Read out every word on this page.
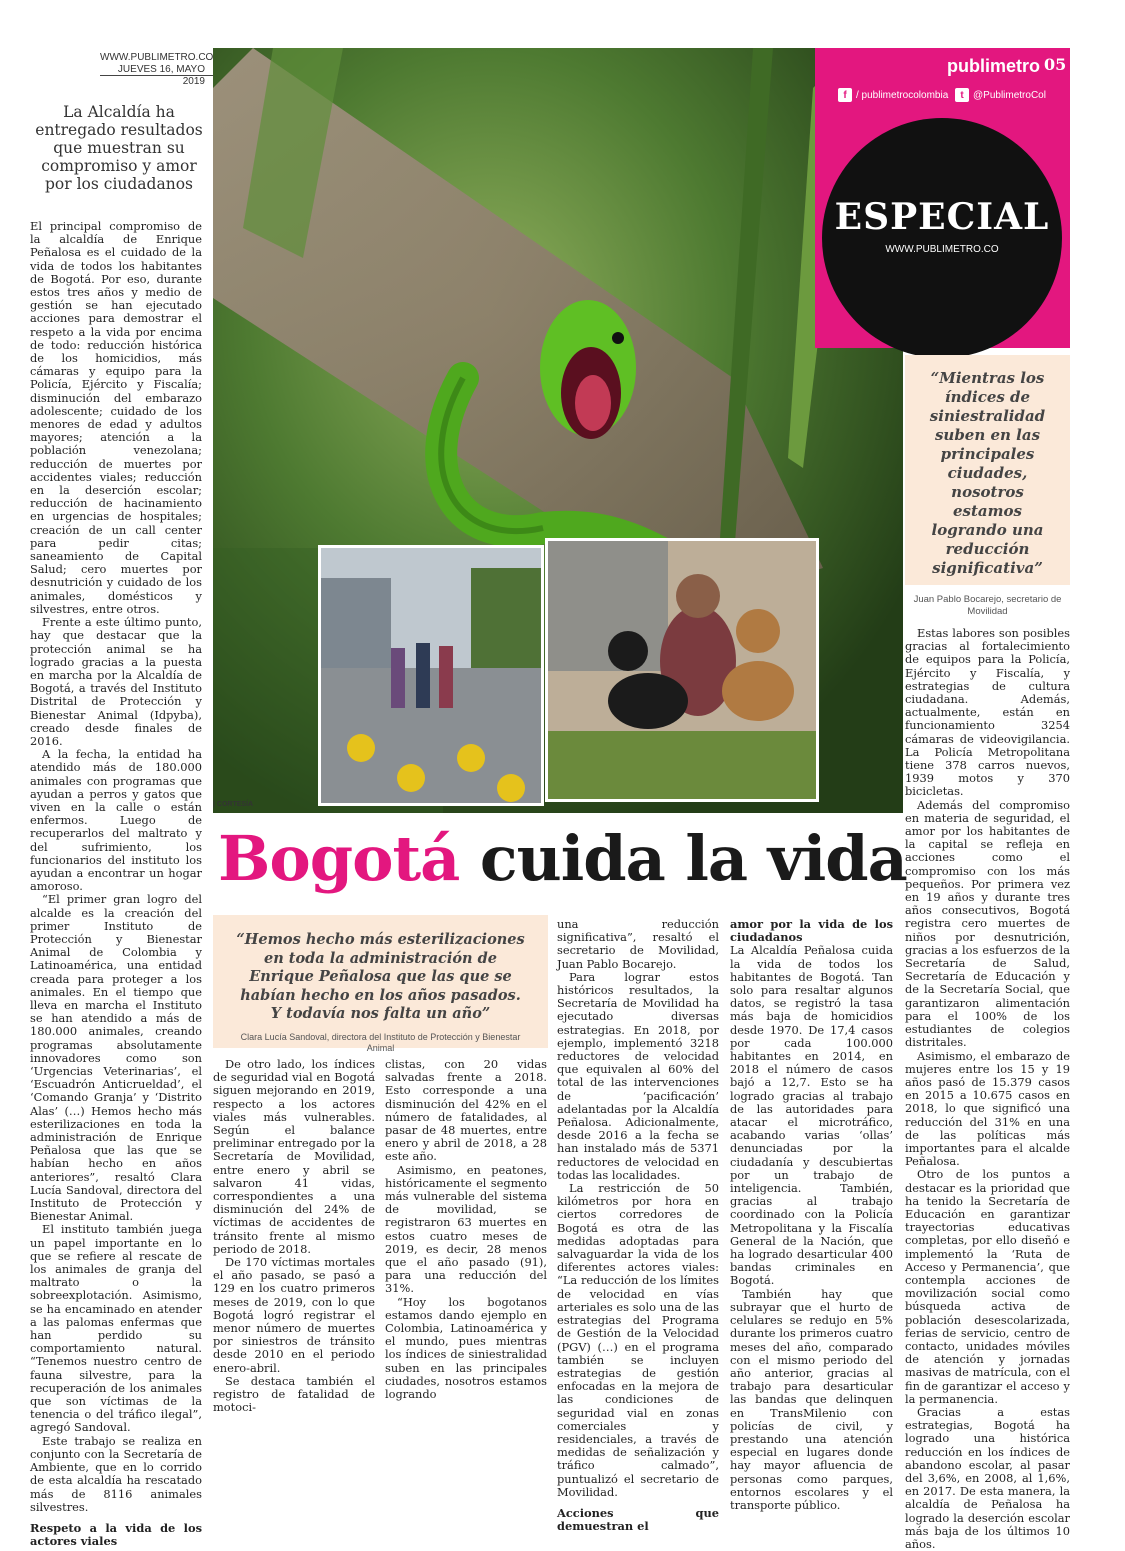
WWW.PUBLIMETRO.CO
JUEVES 16, MAYO 2019
| CORTESÍA
publimetro 05
f / publimetrocolombia	t @PublimetroCol
ESPECIAL
WWW.PUBLIMETRO.CO
“Mientras los índices de siniestralidad suben en las principales ciudades, nosotros estamos logrando una reducción significativa”
Juan Pablo Bocarejo, secretario de Movilidad
La Alcaldía ha entregado resultados que muestran su compromiso y amor por los ciudadanos

El principal compromiso de la alcaldía de Enrique Peñalosa es el cuidado de la vida de todos los habitantes de Bogotá. Por eso, durante estos tres años y medio de gestión se han ejecutado acciones para demostrar el respeto a la vida por encima de todo: reducción histórica de los homicidios, más cámaras y equipo para la Policía, Ejército y Fiscalía; disminución del embarazo adolescente; cuidado de los menores de edad y adultos mayores; atención a la población venezolana; reducción de muertes por accidentes viales; reducción en la deserción escolar; reducción de hacinamiento en urgencias de hospitales; creación de un call center para pedir citas; saneamiento de Capital Salud; cero muertes por desnutrición y cuidado de los animales, domésticos y silvestres, entre otros.

Frente a este último punto, hay que destacar que la protección animal se ha logrado gracias a la puesta en marcha por la Alcaldía de Bogotá, a través del Instituto Distrital de Protección y Bienestar Animal (Idpyba), creado desde finales de 2016.

A la fecha, la entidad ha atendido más de 180.000 animales con programas que ayudan a perros y gatos que viven en la calle o están enfermos. Luego de recuperarlos del maltrato y del sufrimiento, los funcionarios del instituto los ayudan a encontrar un hogar amoroso.

“El primer gran logro del alcalde es la creación del primer Instituto de Protección y Bienestar Animal de Colombia y Latinoamérica, una entidad creada para proteger a los animales. En el tiempo que lleva en marcha el Instituto se han atendido a más de 180.000 animales, creando programas absolutamente innovadores como son ‘Urgencias Veterinarias’, el ‘Escuadrón Anticrueldad’, el ‘Comando Granja’ y ‘Distrito Alas’ (…) Hemos hecho más esterilizaciones en toda la administración de Enrique Peñalosa que las que se habían hecho en años anteriores”, resaltó Clara Lucía Sandoval, directora del Instituto de Protección y Bienestar Animal.

El instituto también juega un papel importante en lo que se refiere al rescate de los animales de granja del maltrato o la sobreexplotación. Asimismo, se ha encaminado en atender a las palomas enfermas que han perdido su comportamiento natural. “Tenemos nuestro centro de fauna silvestre, para la recuperación de los animales que son víctimas de la tenencia o del tráfico ilegal”, agregó Sandoval.

Este trabajo se realiza en conjunto con la Secretaría de Ambiente, que en lo corrido de esta alcaldía ha rescatado más de 8116 animales silvestres.

Respeto a la vida de los actores viales

Bogotá cuida la vida
“Hemos hecho más esterilizaciones en toda la administración de Enrique Peñalosa que las que se habían hecho en los años pasados. Y todavía nos falta un año”
Clara Lucía Sandoval, directora del Instituto de Protección y Bienestar Animal

De otro lado, los índices de seguridad vial en Bogotá siguen mejorando en 2019, respecto a los actores viales más vulnerables. Según el balance preliminar entregado por la Secretaría de Movilidad, entre enero y abril se salvaron 41 vidas, correspondientes a una disminución del 24% de víctimas de accidentes de tránsito frente al mismo periodo de 2018.

De 170 víctimas mortales el año pasado, se pasó a 129 en los cuatro primeros meses de 2019, con lo que Bogotá logró registrar el menor número de muertes por siniestros de tránsito desde 2010 en el periodo enero-abril.

Se destaca también el registro de fatalidad de motoci-

clistas, con 20 vidas salvadas frente a 2018. Esto corresponde a una disminución del 42% en el número de fatalidades, al pasar de 48 muertes, entre enero y abril de 2018, a 28 este año.

Asimismo, en peatones, históricamente el segmento más vulnerable del sistema de movilidad, se registraron 63 muertes en estos cuatro meses de 2019, es decir, 28 menos que el año pasado (91), para una reducción del 31%.

“Hoy los bogotanos estamos dando ejemplo en Colombia, Latinoamérica y el mundo, pues mientras los índices de siniestralidad suben en las principales ciudades, nosotros estamos logrando

una reducción significativa”, resaltó el secretario de Movilidad, Juan Pablo Bocarejo.

Para lograr estos históricos resultados, la Secretaría de Movilidad ha ejecutado diversas estrategias. En 2018, por ejemplo, implementó 3218 reductores de velocidad que equivalen al 60% del total de las intervenciones de ‘pacificación’ adelantadas por la Alcaldía Peñalosa. Adicionalmente, desde 2016 a la fecha se han instalado más de 5371 reductores de velocidad en todas las localidades.

La restricción de 50 kilómetros por hora en ciertos corredores de Bogotá es otra de las medidas adoptadas para salvaguardar la vida de los diferentes actores viales: “La reducción de los límites de velocidad en vías arteriales es solo una de las estrategias del Programa de Gestión de la Velocidad (PGV) (…) en el programa también se incluyen estrategias de gestión enfocadas en la mejora de las condiciones de seguridad vial en zonas comerciales y residenciales, a través de medidas de señalización y tráfico calmado”, puntualizó el secretario de Movilidad.

Acciones que demuestran el

amor por la vida de los ciudadanos

La Alcaldía Peñalosa cuida la vida de todos los habitantes de Bogotá. Tan solo para resaltar algunos datos, se registró la tasa más baja de homicidios desde 1970. De 17,4 casos por cada 100.000 habitantes en 2014, en 2018 el número de casos bajó a 12,7. Esto se ha logrado gracias al trabajo de las autoridades para atacar el microtráfico, acabando varias ‘ollas’ denunciadas por la ciudadanía y descubiertas por un trabajo de inteligencia. También, gracias al trabajo coordinado con la Policía Metropolitana y la Fiscalía General de la Nación, que ha logrado desarticular 400 bandas criminales en Bogotá.

También hay que subrayar que el hurto de celulares se redujo en 5% durante los primeros cuatro meses del año, comparado con el mismo periodo del año anterior, gracias al trabajo para desarticular las bandas que delinquen en TransMilenio con policías de civil, y prestando una atención especial en lugares donde hay mayor afluencia de personas como parques, entornos escolares y el transporte público.

Estas labores son posibles gracias al fortalecimiento de equipos para la Policía, Ejército y Fiscalía, y estrategias de cultura ciudadana. Además, actualmente, están en funcionamiento 3254 cámaras de videovigilancia. La Policía Metropolitana tiene 378 carros nuevos, 1939 motos y 370 bicicletas.

Además del compromiso en materia de seguridad, el amor por los habitantes de la capital se refleja en acciones como el compromiso con los más pequeños. Por primera vez en 19 años y durante tres años consecutivos, Bogotá registra cero muertes de niños por desnutrición, gracias a los esfuerzos de la Secretaría de Salud, Secretaría de Educación y de la Secretaría Social, que garantizaron alimentación para el 100% de los estudiantes de colegios distritales.

Asimismo, el embarazo de mujeres entre los 15 y 19 años pasó de 15.379 casos en 2015 a 10.675 casos en 2018, lo que significó una reducción del 31% en una de las políticas más importantes para el alcalde Peñalosa.

Otro de los puntos a destacar es la prioridad que ha tenido la Secretaría de Educación en garantizar trayectorias educativas completas, por ello diseñó e implementó la ‘Ruta de Acceso y Permanencia’, que contempla acciones de movilización social como búsqueda activa de población desescolarizada, ferias de servicio, centro de contacto, unidades móviles de atención y jornadas masivas de matrícula, con el fin de garantizar el acceso y la permanencia.

Gracias a estas estrategias, Bogotá ha logrado una histórica reducción en los índices de abandono escolar, al pasar del 3,6%, en 2008, al 1,6%, en 2017. De esta manera, la alcaldía de Peñalosa ha logrado la deserción escolar más baja de los últimos 10 años.
